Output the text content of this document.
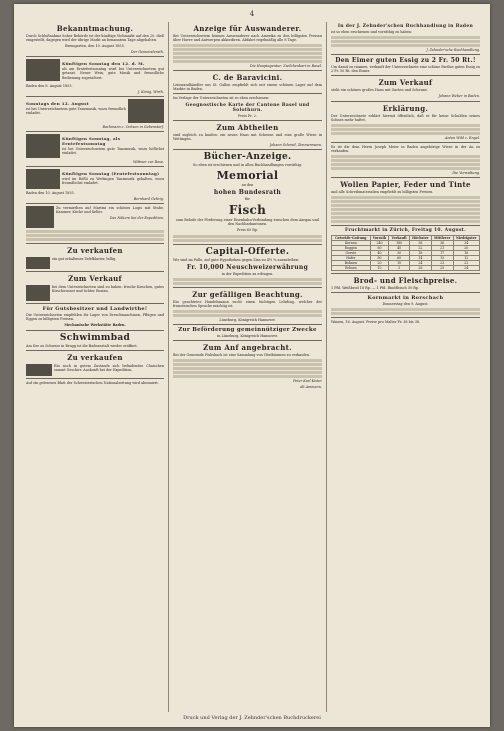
4
Bekanntmachung.

Durch Schlußnahme hoher Behörde ist der künftige Viehmarkt auf den 20. dieß eingestellt, dagegen wird der übrige Markt an benanntem Tage abgehalten.

Bremgarten, den 10. August 1855.

Der Gemeinderath.

Künftigen Sonntag den 12. d. M.

als am Erntefestsonntag wird bei Unterzeichnetem gut getanzt. Neuer Wein, gute Musik und freundliche Bedienung zugesichert.

Baden den 8. August 1855.

J. König, Wirth.

Sonntags den 12. August

ist bei Unterzeichnetem gute Tanzmusik, wozu freundlich einladet.

Bachmann z. Ochsen in Gebenstorf.

Künftigen Sonntag, als Erntefestsonntag

ist bei Unterzeichnetem gute Tanzmusik, wozu höflichst einladet.

Wittwer zur Rose.

Künftigen Sonntag (Erntefestsonntag)

wird im Rößli zu Wettingen Tanzmusik gehalten, wozu freundlichst einladet.

Baden den 10. August 1855.

Bernhard Gehrig.

Zu vermiethen auf Martini ein schönes Logis mit Stube, Kammer, Küche und Keller.

Das Nähere bei der Expedition.

Zu verkaufen

ein gut erhaltenes Tafelklavier, billig.

Zum Verkauf

bei dem Unterzeichneten sind zu haben: frische Kirschen, gutes Kirschwasser und ächter Enzian.

Für Gutsbesitzer und Landwirthe!

Die Unterzeichneten empfehlen ihr Lager von Dreschmaschinen, Pflügen und Eggen zu billigsten Preisen.

Mechanische Werkstätte Baden.

Schwimmbad

Am See zu Schwarz in Brugg ist die Badeanstalt wieder eröffnet.

Zu verkaufen

Ein noch in gutem Zustande sich befindendes Chaischen sammt Geschirr. Auskunft bei der Expedition.

Auf ein gelesenes Blatt der Schweizerischen Nationalzeitung wird abonniert.

Anzeige für Auswanderer.

Bei Unterzeichnetem können Auswanderer nach Amerika zu den billigsten Preisen über Havre und Antwerpen akkordiren. Abfahrt regelmäßig alle 8 Tage.

Die Hauptagentur: Zwilchenbart in Basel.

C. de Baravicini.

Leinwandhändler aus St. Gallen empfiehlt sich mit einem schönen Lager auf dem Markte in Baden.

Im Verlage der Unterzeichneten ist so eben erschienen:

Geognostische Karte der Cantone Basel und Solothurn.

Preis Fr. 2.

Zum Abtheilen

sind sogleich zu kaufen: ein neues Haus mit Scheune und eine große Wiese in Wettingen.

Johann Schmid, Zimmermann.

Bücher-Anzeige.

So eben ist erschienen und in allen Buchhandlungen vorräthig:

Memorial

an den

hohen Bundesrath

für

Fisch

zum Behufe der Förderung einer Eisenbahn-Verbindung zwischen dem Aargau und den Nachbarkantonen.

Preis 60 Rp.

Capital-Offerte.

Wir sind im Falle, auf gute Hypotheken gegen Zins zu 4½ % auszuleihen:

Fr. 10,000 Neuschweizerwährung

in der Expedition zu erfragen.

Zur gefälligen Beachtung.

Ein geachteter Handelsmann sucht einen tüchtigen Lehrling, welcher der französischen Sprache mächtig ist.

Lüneburg, Königreich Hannover.

Zur Beförderung gemeinnütziger Zwecke

in Lüneburg, Königreich Hannover.

Zum Anf angebracht.

Bei der Gemeinde Fislisbach ist eine Sammlung von Obstbäumen zu verkaufen.

Peter Karl Kister

alt Ammann.

In der J. Zehnder'schen Buchhandlung in Baden

ist so eben erschienen und vorräthig zu haben:

J. Zehnder'sche Buchhandlung.

Den Eimer guten Essig zu 2 Fr. 50 Rt.!

Um damit zu räumen, verkauft der Unterzeichnete eine schöne Parthie guten Essig zu 2 Fr. 50 Rt. den Eimer.

Zum Verkauf

steht ein schönes großes Haus mit Garten und Scheune.

Johann Weber in Baden.

Erklärung.

Der Unterzeichnete erklärt hiermit öffentlich, daß er für keine Schulden seines Sohnes mehr haftet.

Anton Wild z. Engel.

Es ist die dem Herrn Joseph Meier in Baden angehörige Wiese in der Au zu verkaufen.

Die Verwaltung.

Wollen Papier, Feder und Tinte

und alle Schreibmaterialien empfiehlt zu billigsten Preisen.

Fruchtmarkt in Zürich, Freitag 10. August.
Getreide-Gattung	Vorrath	Verkauft	Höchster	Mittlerer	Niedrigster
Kernen	240	180	38	36	34
Roggen	60	40	22	21	20
Gerste	40	30	18	17	16
Hafer	80	60	14	13	12
Bohnen	20	10	24	23	22
Erbsen	10	5	26	25	24
Brod- und Fleischpreise.

1 Pfd. Weißbrod 18 Rp. — 1 Pfd. Rindfleisch 50 Rp.

Kornmarkt in Rorschach

Donnerstag den 9. August.

Waizen, 16. August. Preise pro Malter Fr. 36 bis 38.

Druck und Verlag der J. Zehnder'schen Buchdruckerei
